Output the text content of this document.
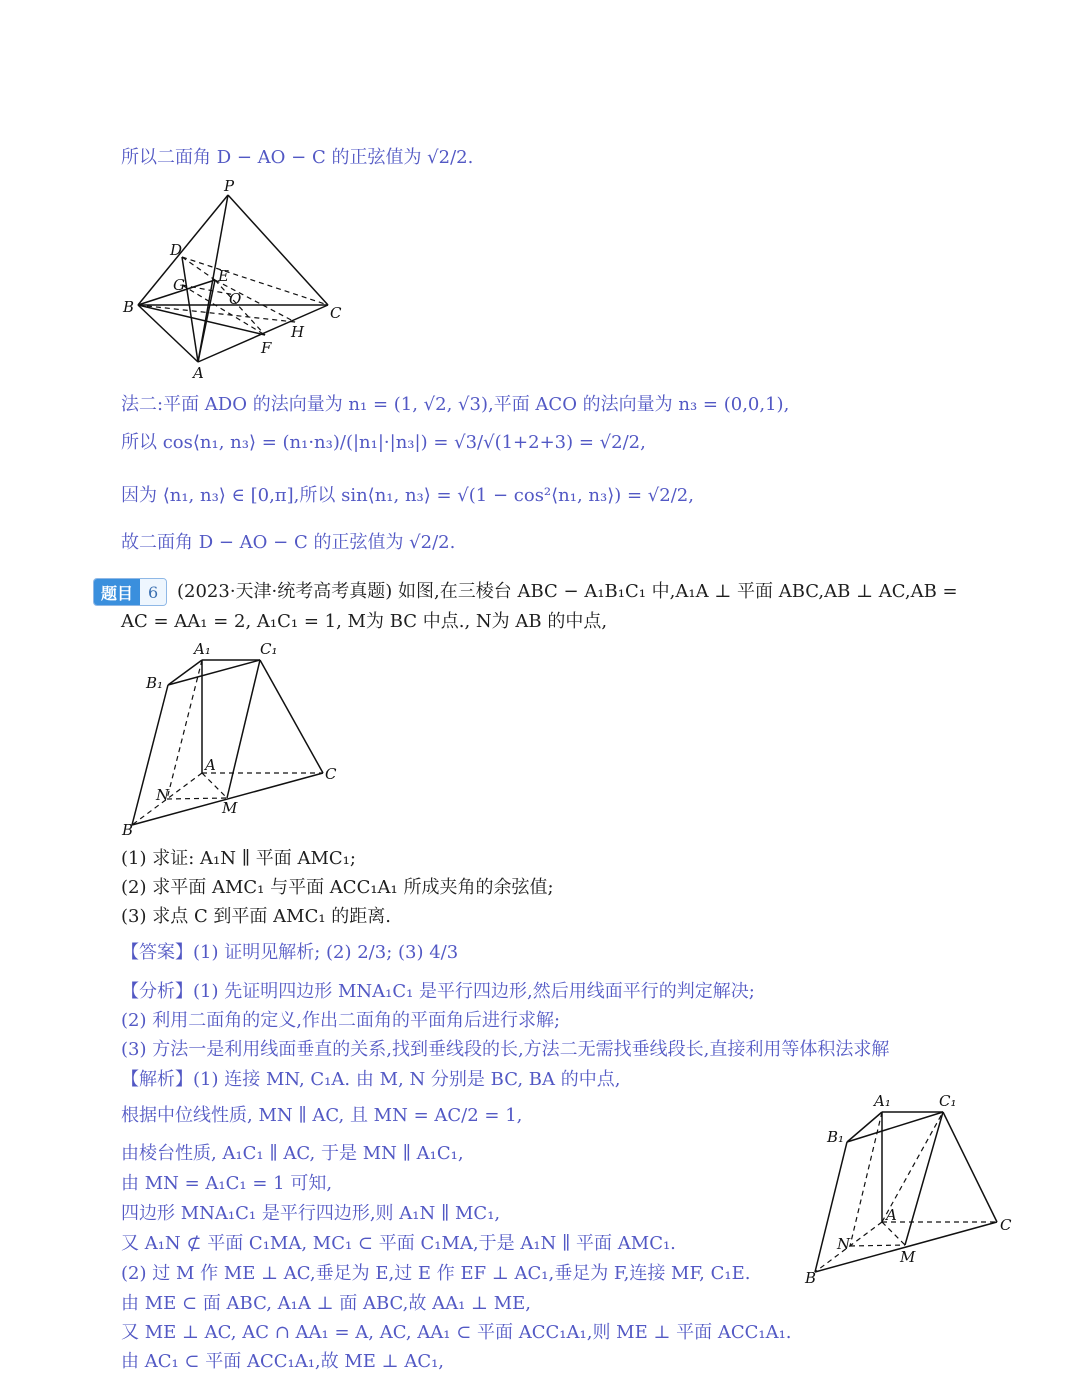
所以二面角 D − AO − C 的正弦值为 √2/2.
P
D
G E
O
B	C
H
F
A
法二:平面 ADO 的法向量为 n₁ = (1, √2, √3),平面 ACO 的法向量为 n₃ = (0,0,1),
所以 cos⟨n₁, n₃⟩ = (n₁·n₃)/(|n₁|·|n₃|) = √3/√(1+2+3) = √2/2,
因为 ⟨n₁, n₃⟩ ∈ [0,π],所以 sin⟨n₁, n₃⟩ = √(1 − cos²⟨n₁, n₃⟩) = √2/2,
故二面角 D − AO − C 的正弦值为 √2/2.
题目 6	(2023·天津·统考高考真题) 如图,在三棱台 ABC − A₁B₁C₁ 中,A₁A ⊥ 平面 ABC,AB ⊥ AC,AB =
AC = AA₁ = 2, A₁C₁ = 1, M为 BC 中点., N为 AB 的中点,
A₁	C₁
B₁
A	C
N
M
B
(1) 求证: A₁N ∥ 平面 AMC₁;
(2) 求平面 AMC₁ 与平面 ACC₁A₁ 所成夹角的余弦值;
(3) 求点 C 到平面 AMC₁ 的距离.
【答案】(1) 证明见解析; (2) 2/3; (3) 4/3
【分析】(1) 先证明四边形 MNA₁C₁ 是平行四边形,然后用线面平行的判定解决;
(2) 利用二面角的定义,作出二面角的平面角后进行求解;
(3) 方法一是利用线面垂直的关系,找到垂线段的长,方法二无需找垂线段长,直接利用等体积法求解
【解析】(1) 连接 MN, C₁A. 由 M, N 分别是 BC, BA 的中点,
根据中位线性质, MN ∥ AC, 且 MN = AC/2 = 1,
由棱台性质, A₁C₁ ∥ AC, 于是 MN ∥ A₁C₁,
由 MN = A₁C₁ = 1 可知,
四边形 MNA₁C₁ 是平行四边形,则 A₁N ∥ MC₁,
又 A₁N ⊄ 平面 C₁MA, MC₁ ⊂ 平面 C₁MA,于是 A₁N ∥ 平面 AMC₁.
(2) 过 M 作 ME ⊥ AC,垂足为 E,过 E 作 EF ⊥ AC₁,垂足为 F,连接 MF, C₁E.
由 ME ⊂ 面 ABC, A₁A ⊥ 面 ABC,故 AA₁ ⊥ ME,
又 ME ⊥ AC, AC ∩ AA₁ = A, AC, AA₁ ⊂ 平面 ACC₁A₁,则 ME ⊥ 平面 ACC₁A₁.
由 AC₁ ⊂ 平面 ACC₁A₁,故 ME ⊥ AC₁,
A₁	C₁
B₁
A
C
N
M
B
